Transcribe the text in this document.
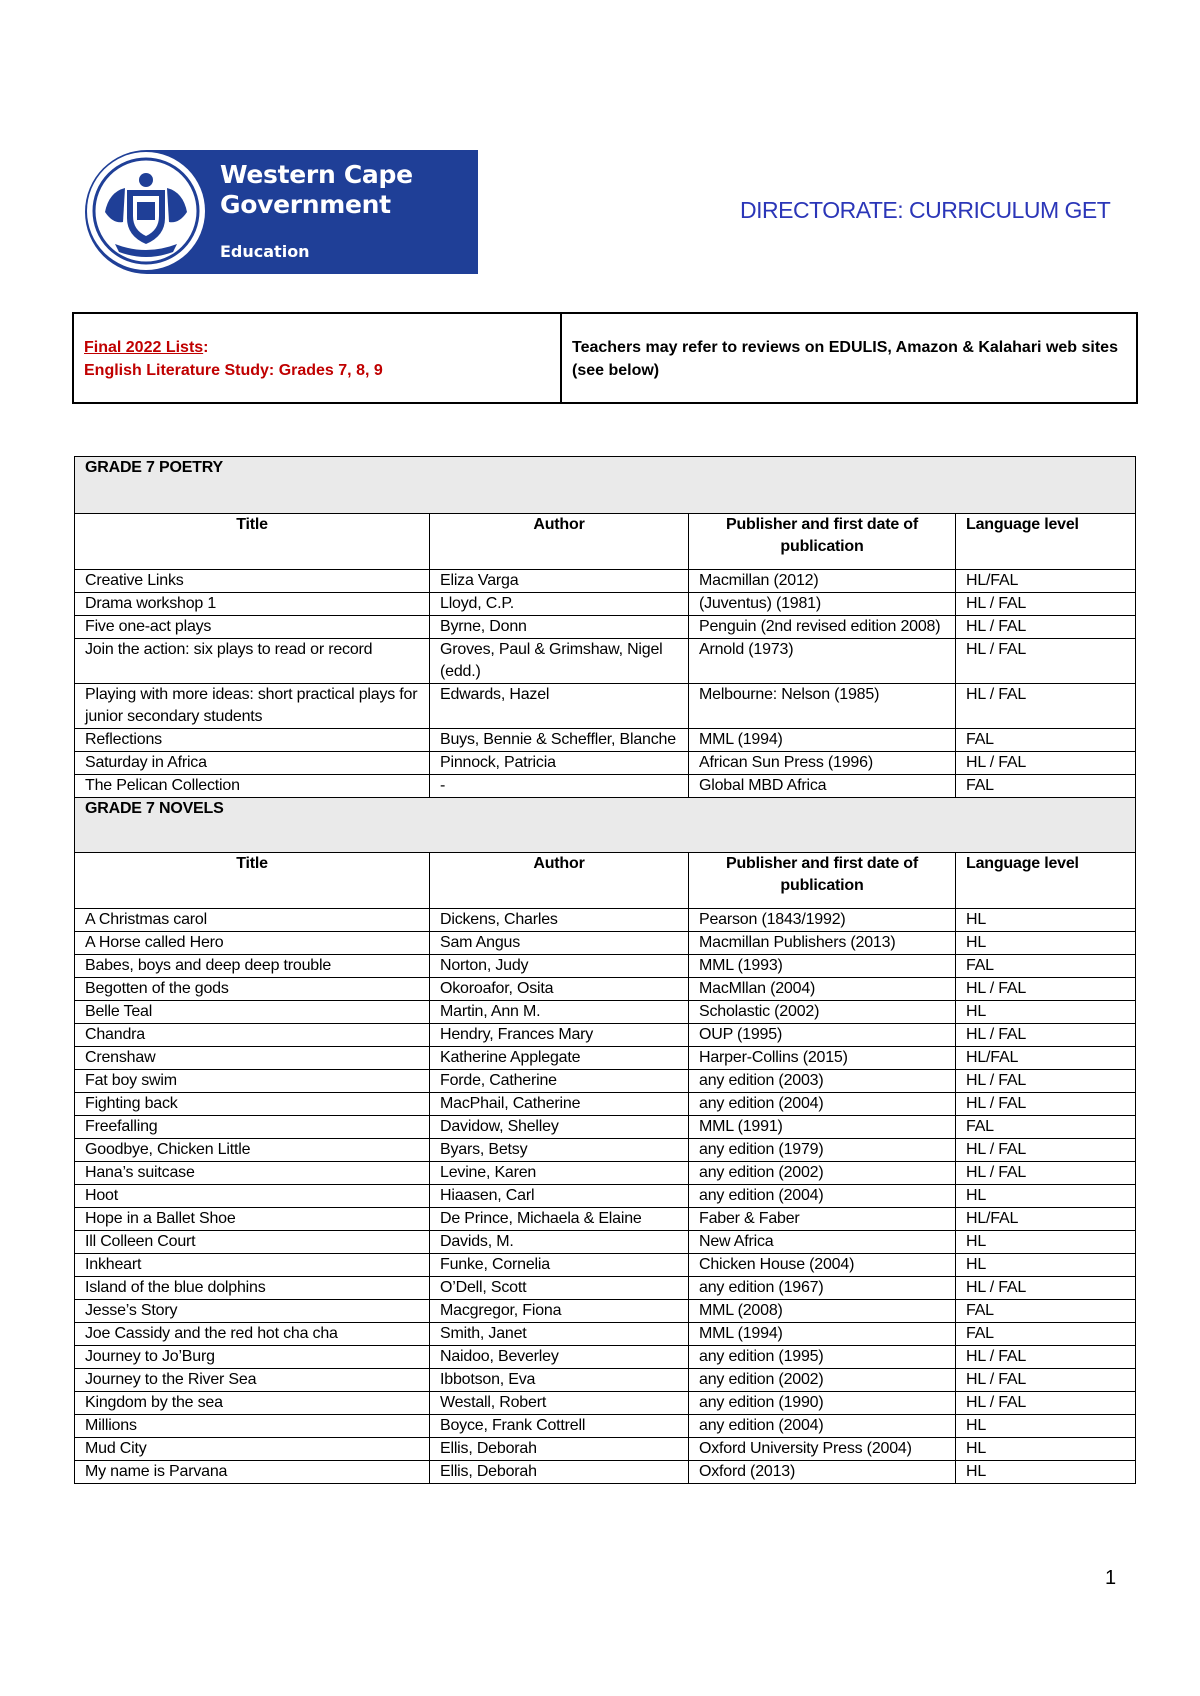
Western Cape
Government
Education
DIRECTORATE: CURRICULUM GET
Final 2022 Lists:
English Literature Study: Grades 7, 8, 9
Teachers may refer to reviews on EDULIS, Amazon & Kalahari web sites (see below)
GRADE 7 POETRY			
Title	Author	Publisher and first date of publication	Language level
Creative Links	Eliza Varga	Macmillan (2012)	HL/FAL
Drama workshop 1	Lloyd, C.P.	(Juventus) (1981)	HL / FAL
Five one-act plays	Byrne, Donn	Penguin (2nd revised edition 2008)	HL / FAL
Join the action: six plays to read or record	Groves, Paul & Grimshaw, Nigel (edd.)	Arnold (1973)	HL / FAL
Playing with more ideas: short practical plays for junior secondary students	Edwards, Hazel	Melbourne: Nelson (1985)	HL / FAL
Reflections	Buys, Bennie & Scheffler, Blanche	MML (1994)	FAL
Saturday in Africa	Pinnock, Patricia	African Sun Press (1996)	HL / FAL
The Pelican Collection	-	Global MBD Africa	FAL
GRADE 7 NOVELS			
Title	Author	Publisher and first date of publication	Language level
A Christmas carol	Dickens, Charles	Pearson (1843/1992)	HL
A Horse called Hero	Sam Angus	Macmillan Publishers (2013)	HL
Babes, boys and deep deep trouble	Norton, Judy	MML (1993)	FAL
Begotten of the gods	Okoroafor, Osita	MacMllan (2004)	HL / FAL
Belle Teal	Martin, Ann M.	Scholastic (2002)	HL
Chandra	Hendry, Frances Mary	OUP (1995)	HL / FAL
Crenshaw	Katherine Applegate	Harper-Collins (2015)	HL/FAL
Fat boy swim	Forde, Catherine	any edition (2003)	HL / FAL
Fighting back	MacPhail, Catherine	any edition (2004)	HL / FAL
Freefalling	Davidow, Shelley	MML (1991)	FAL
Goodbye, Chicken Little	Byars, Betsy	any edition (1979)	HL / FAL
Hana’s suitcase	Levine, Karen	any edition (2002)	HL / FAL
Hoot	Hiaasen, Carl	any edition (2004)	HL
Hope in a Ballet Shoe	De Prince, Michaela & Elaine	Faber & Faber	HL/FAL
Ill Colleen Court	Davids, M.	New Africa	HL
Inkheart	Funke, Cornelia	Chicken House (2004)	HL
Island of the blue dolphins	O’Dell, Scott	any edition (1967)	HL / FAL
Jesse’s Story	Macgregor, Fiona	MML (2008)	FAL
Joe Cassidy and the red hot cha cha	Smith, Janet	MML (1994)	FAL
Journey to Jo’Burg	Naidoo, Beverley	any edition (1995)	HL / FAL
Journey to the River Sea	Ibbotson, Eva	any edition (2002)	HL / FAL
Kingdom by the sea	Westall, Robert	any edition (1990)	HL / FAL
Millions	Boyce, Frank Cottrell	any edition (2004)	HL
Mud City	Ellis, Deborah	Oxford University Press (2004)	HL
My name is Parvana	Ellis, Deborah	Oxford (2013)	HL
1
